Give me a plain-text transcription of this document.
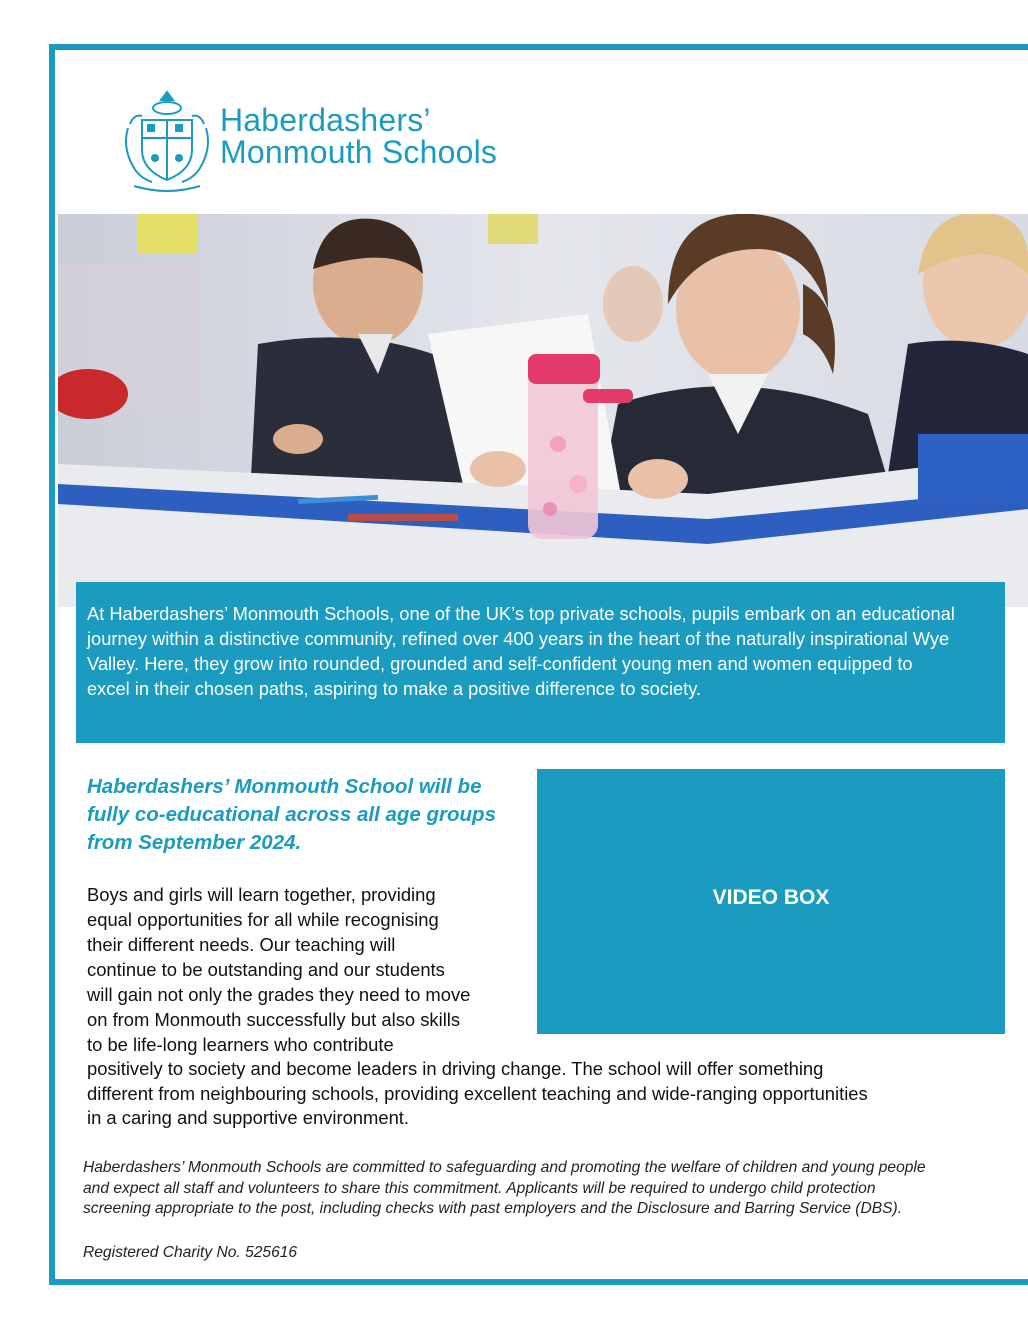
Haberdashers’
Monmouth Schools
At Haberdashers’ Monmouth Schools, one of the UK’s top private schools, pupils embark on an educational journey within a distinctive community, refined over 400 years in the heart of the naturally inspirational Wye Valley. Here, they grow into rounded, grounded and self-confident young men and women equipped to excel in their chosen paths, aspiring to make a positive difference to society.
Haberdashers’ Monmouth School will be
fully co-educational across all age groups
from September 2024.
Boys and girls will learn together, providing
equal opportunities for all while recognising
their different needs. Our teaching will
continue to be outstanding and our students
will gain not only the grades they need to move
on from Monmouth successfully but also skills
to be life-long learners who contribute
positively to society and become leaders in driving change. The school will offer something
different from neighbouring schools, providing excellent teaching and wide-ranging opportunities
in a caring and supportive environment.
VIDEO BOX
Haberdashers’ Monmouth Schools are committed to safeguarding and promoting the welfare of children and young people
and expect all staff and volunteers to share this commitment. Applicants will be required to undergo child protection
screening appropriate to the post, including checks with past employers and the Disclosure and Barring Service (DBS).
Registered Charity No. 525616
